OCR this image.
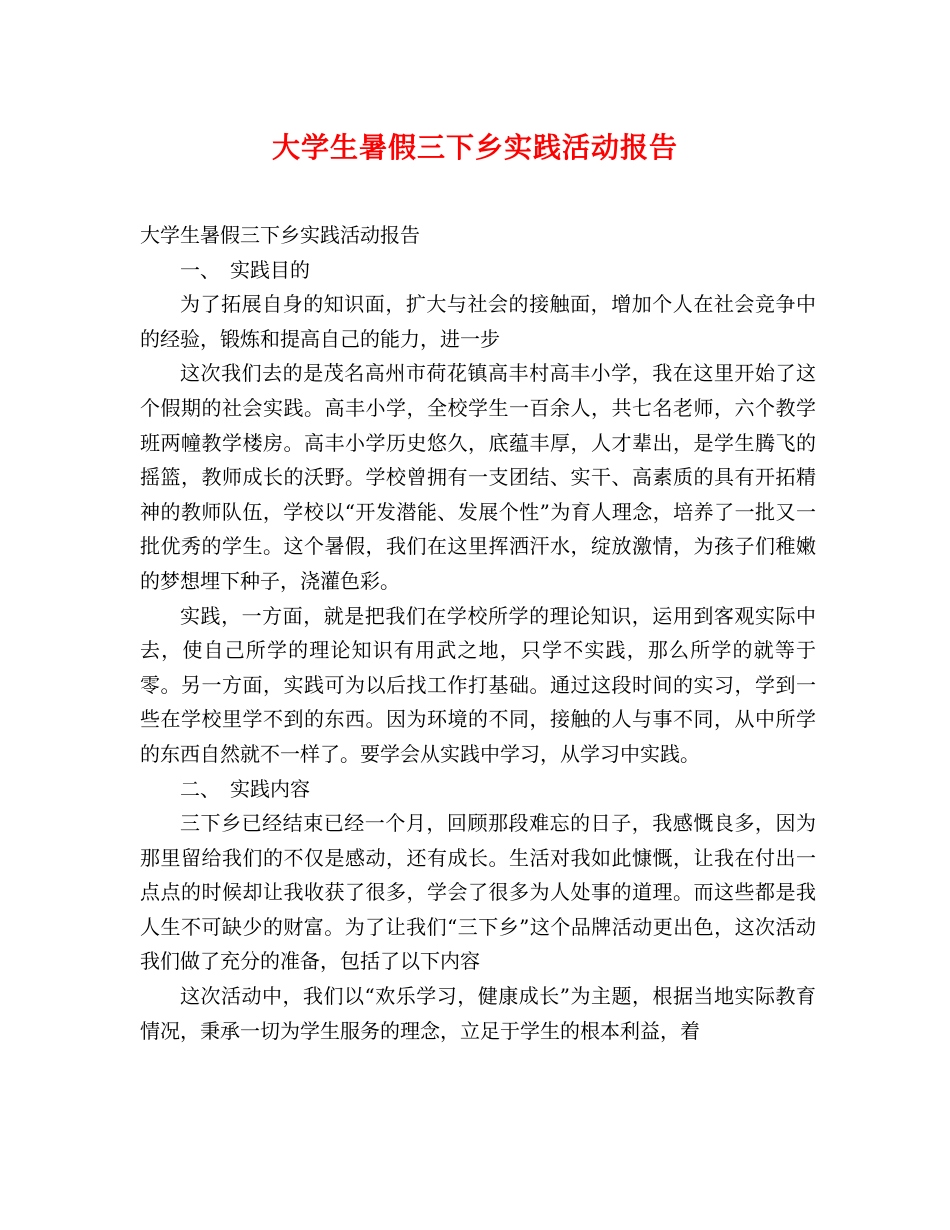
大学生暑假三下乡实践活动报告

大学生暑假三下乡实践活动报告

一、　实践目的

为了拓展自身的知识面，扩大与社会的接触面，增加个人在社会竞争中的经验，锻炼和提高自己的能力，进一步

这次我们去的是茂名高州市荷花镇高丰村高丰小学，我在这里开始了这个假期的社会实践。高丰小学，全校学生一百余人，共七名老师，六个教学班两幢教学楼房。高丰小学历史悠久，底蕴丰厚，人才辈出，是学生腾飞的摇篮，教师成长的沃野。学校曾拥有一支团结、实干、高素质的具有开拓精神的教师队伍，学校以“开发潜能、发展个性”为育人理念，培养了一批又一批优秀的学生。这个暑假，我们在这里挥洒汗水，绽放激情，为孩子们稚嫩的梦想埋下种子，浇灌色彩。

实践，一方面，就是把我们在学校所学的理论知识，运用到客观实际中去，使自己所学的理论知识有用武之地，只学不实践，那么所学的就等于零。另一方面，实践可为以后找工作打基础。通过这段时间的实习，学到一些在学校里学不到的东西。因为环境的不同，接触的人与事不同，从中所学的东西自然就不一样了。要学会从实践中学习，从学习中实践。

二、　实践内容

三下乡已经结束已经一个月，回顾那段难忘的日子，我感慨良多，因为那里留给我们的不仅是感动，还有成长。生活对我如此慷慨，让我在付出一点点的时候却让我收获了很多，学会了很多为人处事的道理。而这些都是我人生不可缺少的财富。为了让我们“三下乡”这个品牌活动更出色，这次活动我们做了充分的准备，包括了以下内容

这次活动中，我们以“欢乐学习，健康成长”为主题，根据当地实际教育情况，秉承一切为学生服务的理念，立足于学生的根本利益，着
